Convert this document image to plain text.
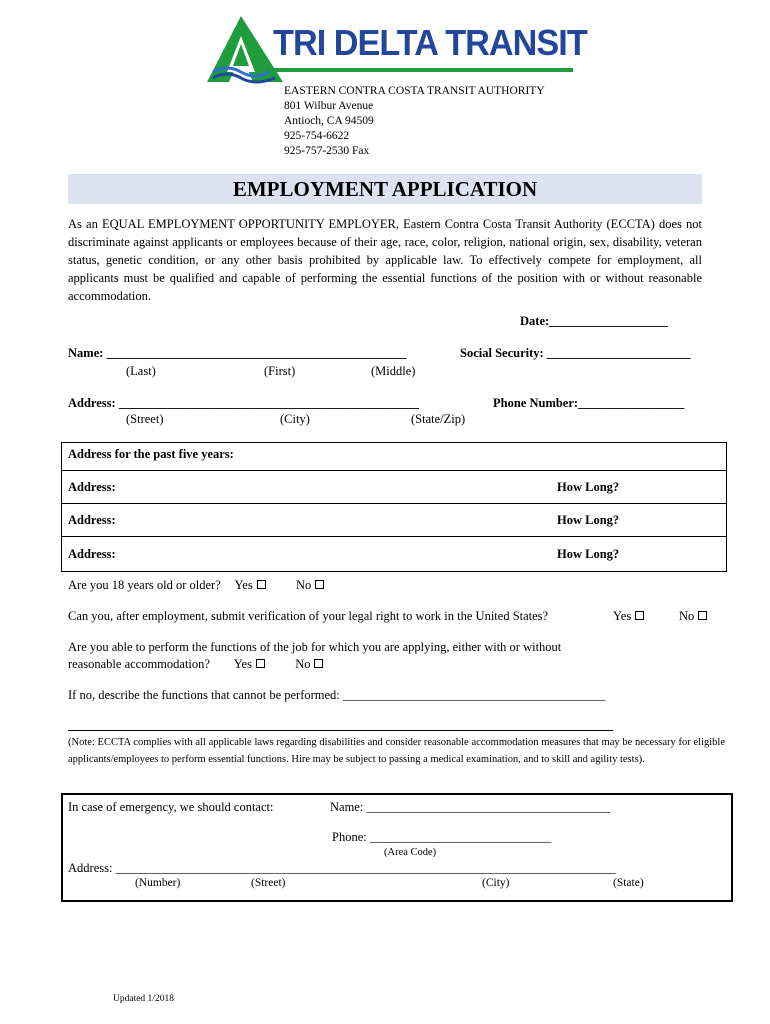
TRI DELTA TRANSIT
EASTERN CONTRA COSTA TRANSIT AUTHORITY
801 Wilbur Avenue
Antioch, CA 94509
925-754-6622
925-757-2530 Fax
EMPLOYMENT APPLICATION
As an EQUAL EMPLOYMENT OPPORTUNITY EMPLOYER, Eastern Contra Costa Transit Authority (ECCTA) does not discriminate against applicants or employees because of their age, race, color, religion, national origin, sex, disability, veteran status, genetic condition, or any other basis prohibited by applicable law. To effectively compete for employment, all applicants must be qualified and capable of performing the essential functions of the position with or without reasonable accommodation.
Date:___________________
Name: ________________________________________________	Social Security: _______________________
(Last)	(First)	(Middle)
Address: ________________________________________________	Phone Number:_________________
(Street)	(City)	(State/Zip)
Address for the past five years:
Address:	How Long?
Address:	How Long?
Address:	How Long?
Are you 18 years old or older? Yes	No
Can you, after employment, submit verification of your legal right to work in the United States?	Yes	No
Are you able to perform the functions of the job for which you are applying, either with or without
reasonable accommodation? Yes	No
If no, describe the functions that cannot be performed: __________________________________________
(Note: ECCTA complies with all applicable laws regarding disabilities and consider reasonable accommodation measures that may be necessary for eligible applicants/employees to perform essential functions. Hire may be subject to passing a medical examination, and to skill and agility tests).
In case of emergency, we should contact:	Name: _______________________________________
Phone: _____________________________
(Area Code)
Address: ________________________________________________________________________________
(Number)	(Street)	(City)	(State)
Updated 1/2018
